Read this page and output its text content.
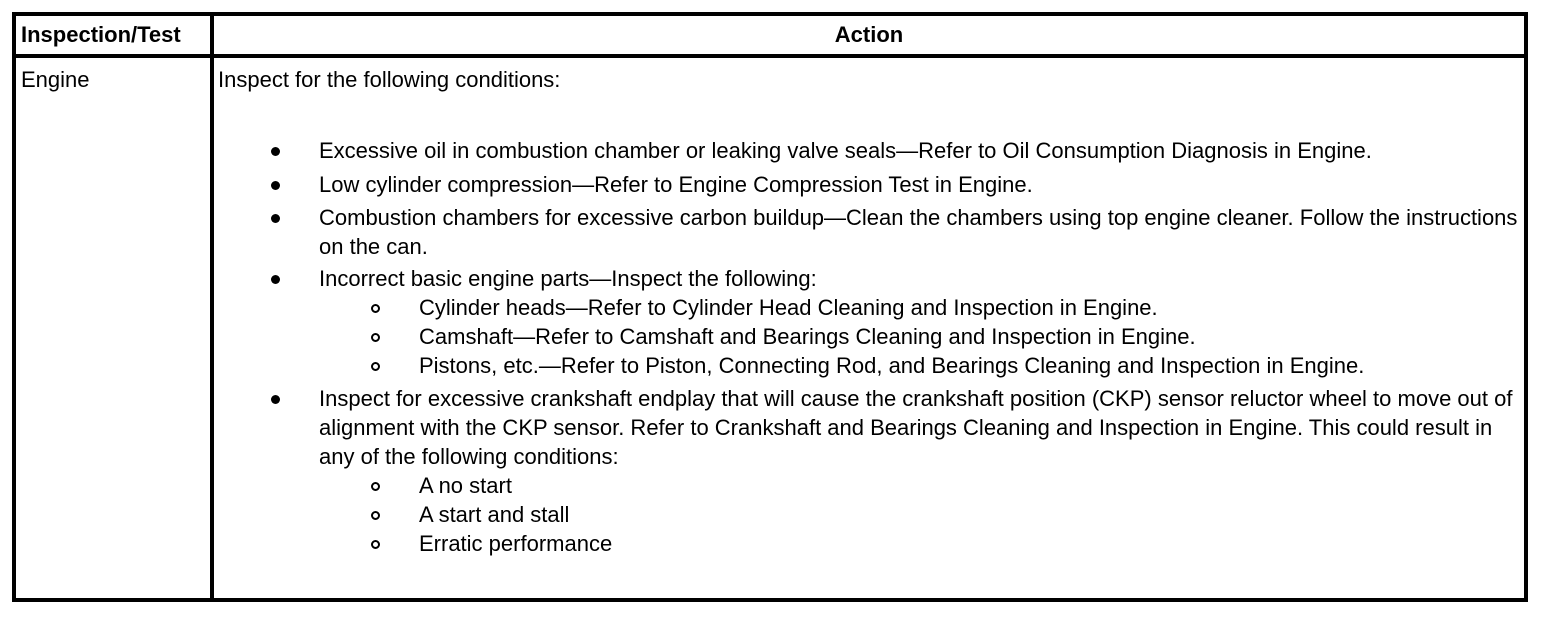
Inspection/Test	Action
Engine	Inspect for the following conditions:
Excessive oil in combustion chamber or leaking valve seals—Refer to Oil Consumption Diagnosis in Engine.
Low cylinder compression—Refer to Engine Compression Test in Engine.
Combustion chambers for excessive carbon buildup—Clean the chambers using top engine cleaner. Follow the instructions on the can.
Incorrect basic engine parts—Inspect the following:
Cylinder heads—Refer to Cylinder Head Cleaning and Inspection in Engine.
Camshaft—Refer to Camshaft and Bearings Cleaning and Inspection in Engine.
Pistons, etc.—Refer to Piston, Connecting Rod, and Bearings Cleaning and Inspection in Engine.
Inspect for excessive crankshaft endplay that will cause the crankshaft position (CKP) sensor reluctor wheel to move out of alignment with the CKP sensor. Refer to Crankshaft and Bearings Cleaning and Inspection in Engine. This could result in any of the following conditions:
A no start
A start and stall
Erratic performance
